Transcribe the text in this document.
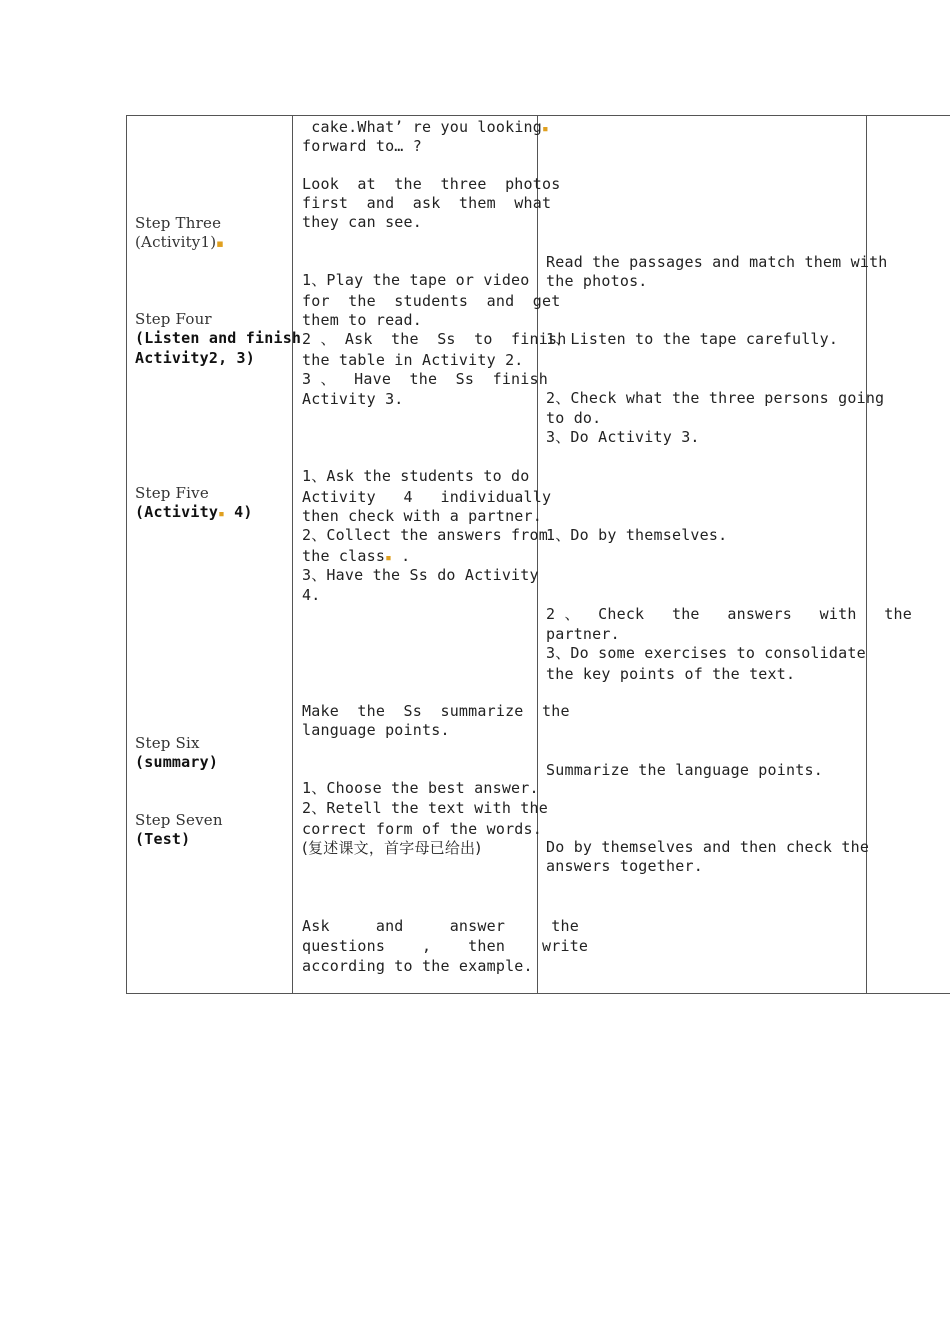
Step Three
(Activity1)▪
Step Four
(Listen and finish
Activity2, 3)
Step Five
(Activity▪ 4)
Step Six
(summary)
Step Seven
(Test)
cake.What’ re you looking▪
forward to… ?
Look  at  the  three  photos
first  and  ask  them  what
they can see.
1、Play the tape or video
for  the  students  and  get
them to read.
2 、 Ask  the  Ss  to  finish
the table in Activity 2.
3 、  Have  the  Ss  finish
Activity 3.
1、Ask the students to do
Activity   4   individually
then check with a partner.
2、Collect the answers from
the class▪ .
3、Have the Ss do Activity
4.
Make  the  Ss  summarize  the
language points.
1、Choose the best answer.
2、Retell the text with the
correct form of the words.
(复述课文，首字母已给出)
Ask     and     answer     the
questions    ,    then    write
according to the example.
Read the passages and match them with
the photos.
1、Listen to the tape carefully.
2、Check what the three persons going
to do.
3、Do Activity 3.
1、Do by themselves.
2 、  Check   the   answers   with   the
partner.
3、Do some exercises to consolidate
the key points of the text.
Summarize the language points.
Do by themselves and then check the
answers together.
